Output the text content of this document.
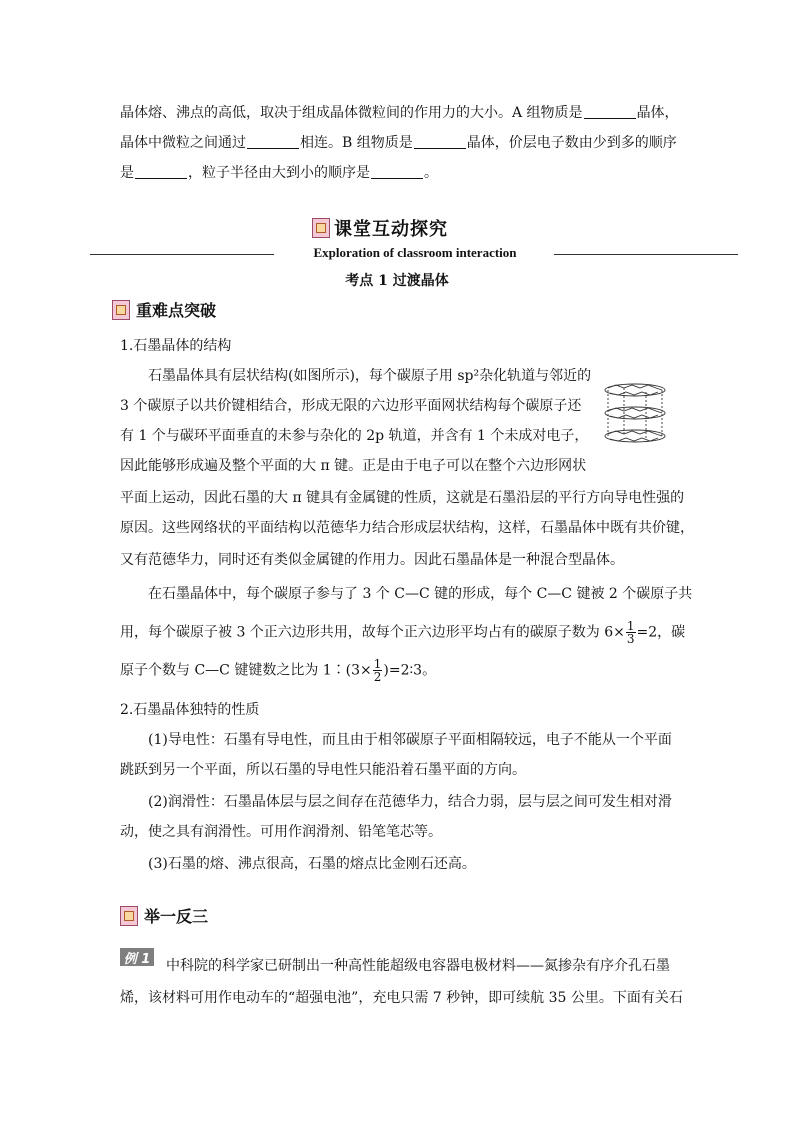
晶体熔、沸点的高低，取决于组成晶体微粒间的作用力的大小。A 组物质是	晶体，
晶体中微粒之间通过	相连。B 组物质是	晶体，价层电子数由少到多的顺序
是	，粒子半径由大到小的顺序是	。
课堂互动探究
Exploration of classroom interaction
考点 1 过渡晶体
重难点突破
1.石墨晶体的结构
石墨晶体具有层状结构(如图所示)，每个碳原子用 sp²杂化轨道与邻近的
3 个碳原子以共价键相结合，形成无限的六边形平面网状结构每个碳原子还
有 1 个与碳环平面垂直的未参与杂化的 2p 轨道，并含有 1 个未成对电子，
因此能够形成遍及整个平面的大 π 键。正是由于电子可以在整个六边形网状
平面上运动，因此石墨的大 π 键具有金属键的性质，这就是石墨沿层的平行方向导电性强的
原因。这些网络状的平面结构以范德华力结合形成层状结构，这样，石墨晶体中既有共价键，
又有范德华力，同时还有类似金属键的作用力。因此石墨晶体是一种混合型晶体。
在石墨晶体中，每个碳原子参与了 3 个 C—C 键的形成，每个 C—C 键被 2 个碳原子共
用，每个碳原子被 3 个正六边形共用，故每个正六边形平均占有的碳原子数为 $6\times \frac{1}{3} =2$，碳
原子个数与 C—C 键键数之比为 1∶(3× $\frac{1}{2}$ )=2∶3。
2.石墨晶体独特的性质
(1)导电性：石墨有导电性，而且由于相邻碳原子平面相隔较远，电子不能从一个平面
跳跃到另一个平面，所以石墨的导电性只能沿着石墨平面的方向。
(2)润滑性：石墨晶体层与层之间存在范德华力，结合力弱，层与层之间可发生相对滑
动，使之具有润滑性。可用作润滑剂、铅笔笔芯等。
(3)石墨的熔、沸点很高，石墨的熔点比金刚石还高。
举一反三
例 1 中科院的科学家已研制出一种高性能超级电容器电极材料——氮掺杂有序介孔石墨
烯，该材料可用作电动车的“超强电池”，充电只需 7 秒钟，即可续航 35 公里。下面有关石
